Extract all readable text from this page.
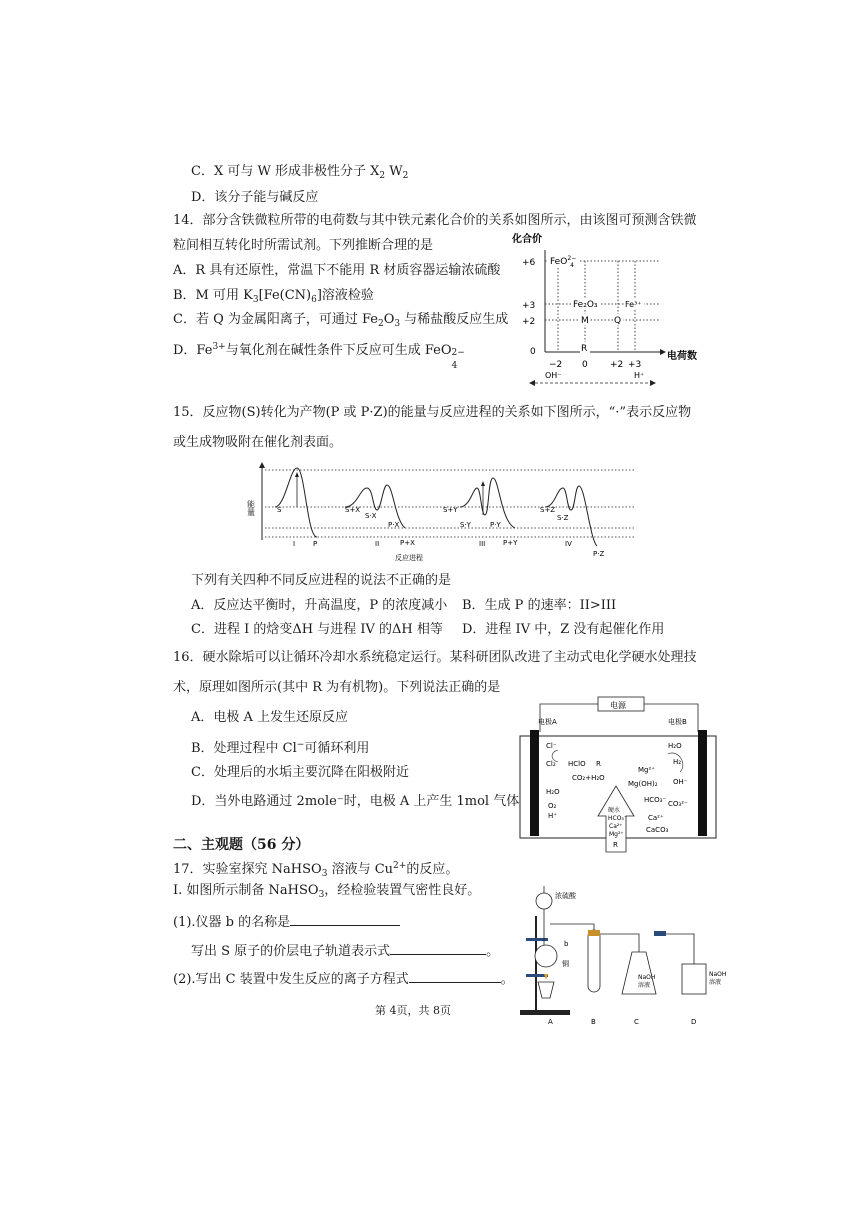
C．X 可与 W 形成非极性分子 $X_2$ $W_2$
D．该分子能与碱反应
14．部分含铁微粒所带的电荷数与其中铁元素化合价的关系如图所示，由该图可预测含铁微
粒间相互转化时所需试剂。下列推断合理的是
A．R 具有还原性，常温下不能用 R 材质容器运输浓硫酸
B．M 可用 $K_3[Fe(CN)_6]$溶液检验
C．若 Q 为金属阳离子，可通过 $Fe_2O_3$ 与稀盐酸反应生成
D．$Fe^{3+}$与氧化剂在碱性条件下反应可生成 FeO 2−
4
化合价
电荷数
+6
+3
+2
0
FeO$^{2-}$ 4
Fe₂O₃	Fe³⁺
M	Q
R
−2 0 +2 +3
OH⁻	H⁺
15．反应物(S)转化为产物(P 或 P·Z)的能量与反应进程的关系如下图所示，“·”表示反应物
或生成物吸附在催化剂表面。
能量	S
P
S+X
S·X
P·X
P+X
S+Y
S·Y	P·Y
P+Y
S+Z
S·Z
P·Z
I	II	III	IV
反应进程
下列有关四种不同反应进程的说法不正确的是
A．反应达平衡时，升高温度，P 的浓度减小 B．生成 P 的速率：II>III
C．进程 I 的焓变ΔH 与进程 IV 的ΔH 相等 D．进程 IV 中，Z 没有起催化作用
16．硬水除垢可以让循环冷却水系统稳定运行。某科研团队改进了主动式电化学硬水处理技
术，原理如图所示(其中 R 为有机物)。下列说法正确的是
A．电极 A 上发生还原反应
B．处理过程中 Cl−可循环利用
C．处理后的水垢主要沉降在阳极附近
D．当外电路通过 2mole⁻时，电极 A 上产生 1mol 气体
电源
电极A	电极B
Cl⁻
Cl₂ HClO R
CO₂+H₂O
H₂O
O₂
H⁺
H₂O
H₂
Mg²⁺
Mg(OH)₂ OH⁻
HCO₃⁻ CO₃²⁻
Ca²⁺
CaCO₃
硬水
HCO₃⁻
Ca²⁺
Mg²⁺
R
二、主观题（56 分）
17．实验室探究 NaHSO$_3$ 溶液与 $Cu^{2+}$的反应。
I. 如图所示制备 NaHSO$_3$，经检验装置气密性良好。
(1).仪器 b 的名称是
写出 S 原子的价层电子轨道表示式	。
(2).写出 C 装置中发生反应的离子方程式	。
浓硫酸
b
铜
NaOH
溶液
NaOH
溶液
A	B	C	D
第 4页，共 8页
